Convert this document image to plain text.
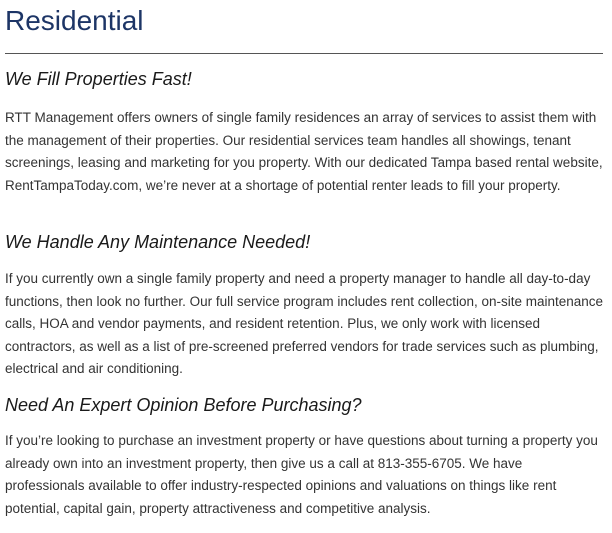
Residential
We Fill Properties Fast!

RTT Management offers owners of single family residences an array of services to assist them with the management of their properties. Our residential services team handles all showings, tenant screenings, leasing and marketing for you property. With our dedicated Tampa based rental website, RentTampaToday.com, we’re never at a shortage of potential renter leads to fill your property.

We Handle Any Maintenance Needed!

If you currently own a single family property and need a property manager to handle all day-to-day functions, then look no further. Our full service program includes rent collection, on-site maintenance calls, HOA and vendor payments, and resident retention. Plus, we only work with licensed contractors, as well as a list of pre-screened preferred vendors for trade services such as plumbing, electrical and air conditioning.

Need An Expert Opinion Before Purchasing?

If you’re looking to purchase an investment property or have questions about turning a property you already own into an investment property, then give us a call at 813-355-6705. We have professionals available to offer industry-respected opinions and valuations on things like rent potential, capital gain, property attractiveness and competitive analysis.
